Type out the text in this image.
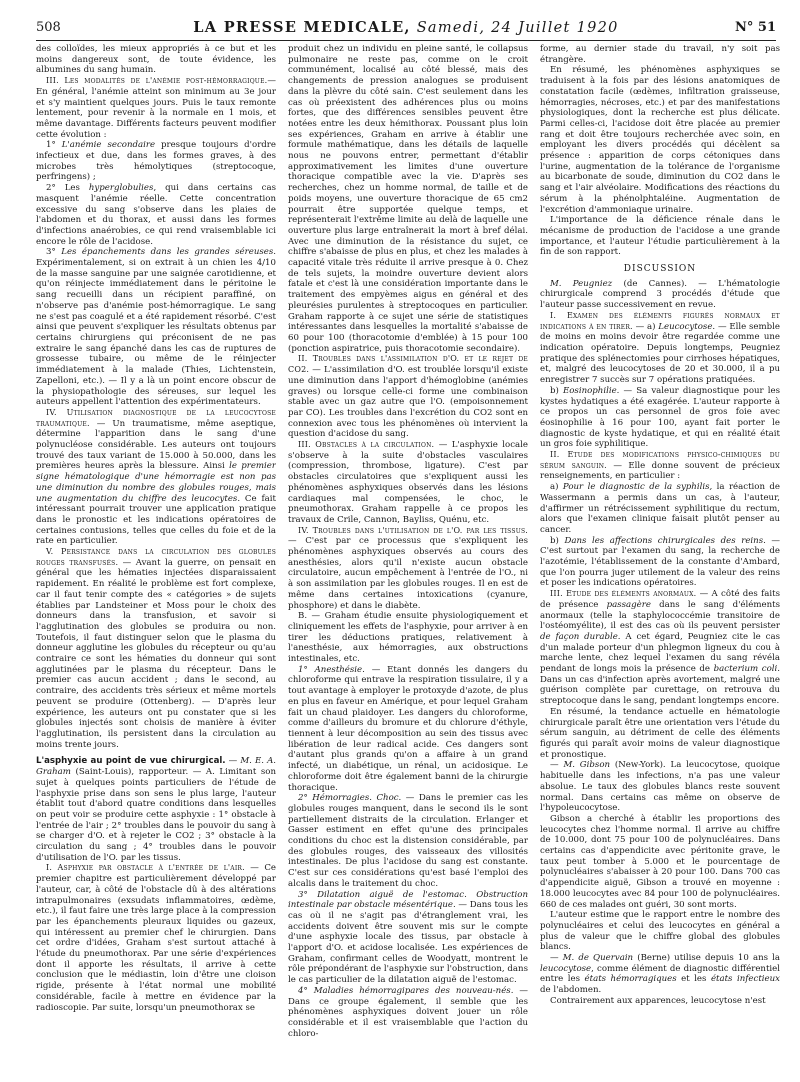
508	LA PRESSE MEDICALE, Samedi, 24 Juillet 1920	N° 51

des colloïdes, les mieux appropriés à ce but et les moins dangereux sont, de toute évidence, les albumines du sang humain.

III. Les modalités de l'anémie post-hémorragique.— En général, l'anémie atteint son minimum au 3e jour et s'y maintient quelques jours. Puis le taux remonte lentement, pour revenir à la normale en 1 mois, et même davantage. Différents facteurs peuvent modifier cette évolution :

1° L'anémie secondaire presque toujours d'ordre infectieux et due, dans les formes graves, à des microbes très hémolytiques (streptocoque, perfringens) ;

2° Les hyperglobulies, qui dans certains cas masquent l'anémie réelle. Cette concentration excessive du sang s'observe dans les plaies de l'abdomen et du thorax, et aussi dans les formes d'infections anaérobies, ce qui rend vraisemblable ici encore le rôle de l'acidose.

3° Les épanchements dans les grandes séreuses. Expérimentalement, si on extrait à un chien les 4/10 de la masse sanguine par une saignée carotidienne, et qu'on réinjecte immédiatement dans le péritoine le sang recueilli dans un récipient paraffiné, on n'observe pas d'anémie post-hémorragique. Le sang ne s'est pas coagulé et a été rapidement résorbé. C'est ainsi que peuvent s'expliquer les résultats obtenus par certains chirurgiens qui préconisent de ne pas extraire le sang épanché dans les cas de ruptures de grossesse tubaire, ou même de le réinjecter immédiatement à la malade (Thies, Lichtenstein, Zapelloni, etc.). — Il y a là un point encore obscur de la physiopathologie des séreuses, sur lequel les auteurs appellent l'attention des expérimentateurs.

IV. Utilisation diagnostique de la leucocytose traumatique. — Un traumatisme, même aseptique, détermine l'apparition dans le sang d'une polynucléose considérable. Les auteurs ont toujours trouvé des taux variant de 15.000 à 50.000, dans les premières heures après la blessure. Ainsi le premier signe hématologique d'une hémorragie est non pas une diminution du nombre des globules rouges, mais une augmentation du chiffre des leucocytes. Ce fait intéressant pourrait trouver une application pratique dans le pronostic et les indications opératoires de certaines contusions, telles que celles du foie et de la rate en particulier.

V. Persistance dans la circulation des globules rouges transfusés. — Avant la guerre, on pensait en général que les hématies injectées disparaissaient rapidement. En réalité le problème est fort complexe, car il faut tenir compte des « catégories » de sujets établies par Landsteiner et Moss pour le choix des donneurs dans la transfusion, et savoir si l'agglutination des globules se produira ou non. Toutefois, il faut distinguer selon que le plasma du donneur agglutine les globules du récepteur ou qu'au contraire ce sont les hématies du donneur qui sont agglutinées par le plasma du récepteur. Dans le premier cas aucun accident ; dans le second, au contraire, des accidents très sérieux et même mortels peuvent se produire (Ottenberg). — D'après leur expérience, les auteurs ont pu constater que si les globules injectés sont choisis de manière à éviter l'agglutination, ils persistent dans la circulation au moins trente jours.

L'asphyxie au point de vue chirurgical. — M. E. A. Graham (Saint-Louis), rapporteur. — A. Limitant son sujet à quelques points particuliers de l'étude de l'asphyxie prise dans son sens le plus large, l'auteur établit tout d'abord quatre conditions dans lesquelles on peut voir se produire cette asphyxie : 1° obstacle à l'entrée de l'air ; 2° troubles dans le pouvoir du sang à se charger d'O. et à rejeter le CO2 ; 3° obstacle à la circulation du sang ; 4° troubles dans le pouvoir d'utilisation de l'O. par les tissus.

I. Asphyxie par obstacle à l'entrée de l'air. — Ce premier chapitre est particulièrement développé par l'auteur, car, à côté de l'obstacle dû à des altérations intrapulmonaires (exsudats inflammatoires, œdème, etc.), il faut faire une très large place à la compression par les épanchements pleuraux liquides ou gazeux, qui intéressent au premier chef le chirurgien. Dans cet ordre d'idées, Graham s'est surtout attaché à l'étude du pneumothorax. Par une série d'expériences dont il apporte les résultats, il arrive à cette conclusion que le médiastin, loin d'être une cloison rigide, présente à l'état normal une mobilité considérable, facile à mettre en évidence par la radioscopie. Par suite, lorsqu'un pneumothorax se

produit chez un individu en pleine santé, le collapsus pulmonaire ne reste pas, comme on le croit communément, localisé au côté blessé, mais des changements de pression analogues se produisent dans la plèvre du côté sain. C'est seulement dans les cas où préexistent des adhérences plus ou moins fortes, que des différences sensibles peuvent être notées entre les deux hémithorax. Poussant plus loin ses expériences, Graham en arrive à établir une formule mathématique, dans les détails de laquelle nous ne pouvons entrer, permettant d'établir approximativement les limites d'une ouverture thoracique compatible avec la vie. D'après ses recherches, chez un homme normal, de taille et de poids moyens, une ouverture thoracique de 65 cm2 pourrait être supportée quelque temps, et représenterait l'extrême limite au delà de laquelle une ouverture plus large entraînerait la mort à bref délai. Avec une diminution de la résistance du sujet, ce chiffre s'abaisse de plus en plus, et chez les malades à capacité vitale très réduite il arrive presque à 0. Chez de tels sujets, la moindre ouverture devient alors fatale et c'est là une considération importante dans le traitement des empyèmes aigus en général et des pleurésies purulentes à streptocoques en particulier. Graham rapporte à ce sujet une série de statistiques intéressantes dans lesquelles la mortalité s'abaisse de 60 pour 100 (thoracotomie d'emblée) à 15 pour 100 (ponction aspiratrice, puis thoracotomie secondaire).

II. Troubles dans l'assimilation d'O. et le rejet de CO2. — L'assimilation d'O. est troublée lorsqu'il existe une diminution dans l'apport d'hémoglobine (anémies graves) ou lorsque celle-ci forme une combinaison stable avec un gaz autre que l'O. (empoisonnement par CO). Les troubles dans l'excrétion du CO2 sont en connexion avec tous les phénomènes où intervient la question d'acidose du sang.

III. Obstacles à la circulation. — L'asphyxie locale s'observe à la suite d'obstacles vasculaires (compression, thrombose, ligature). C'est par obstacles circulatoires que s'expliquent aussi les phénomènes asphyxiques observés dans les lésions cardiaques mal compensées, le choc, le pneumothorax. Graham rappelle à ce propos les travaux de Crile, Cannon, Bayliss, Quénu, etc.

IV. Troubles dans l'utilisation de l'O. par les tissus. — C'est par ce processus que s'expliquent les phénomènes asphyxiques observés au cours des anesthésies, alors qu'il n'existe aucun obstacle circulatoire, aucun empêchement à l'entrée de l'O., ni à son assimilation par les globules rouges. Il en est de même dans certaines intoxications (cyanure, phosphore) et dans le diabète.

B. — Graham étudie ensuite physiologiquement et cliniquement les effets de l'asphyxie, pour arriver à en tirer les déductions pratiques, relativement à l'anesthésie, aux hémorragies, aux obstructions intestinales, etc.

1° Anesthésie. — Etant donnés les dangers du chloroforme qui entrave la respiration tissulaire, il y a tout avantage à employer le protoxyde d'azote, de plus en plus en faveur en Amérique, et pour lequel Graham fait un chaud plaidoyer. Les dangers du chloroforme, comme d'ailleurs du bromure et du chlorure d'éthyle, tiennent à leur décomposition au sein des tissus avec libération de leur radical acide. Ces dangers sont d'autant plus grands qu'on a affaire à un grand infecté, un diabétique, un rénal, un acidosique. Le chloroforme doit être également banni de la chirurgie thoracique.

2° Hémorragies. Choc. — Dans le premier cas les globules rouges manquent, dans le second ils le sont partiellement distraits de la circulation. Erlanger et Gasser estiment en effet qu'une des principales conditions du choc est la distension considérable, par des globules rouges, des vaisseaux des villosités intestinales. De plus l'acidose du sang est constante. C'est sur ces considérations qu'est basé l'emploi des alcalis dans le traitement du choc.

3° Dilatation aiguë de l'estomac. Obstruction intestinale par obstacle mésentérique. — Dans tous les cas où il ne s'agit pas d'étranglement vrai, les accidents doivent être souvent mis sur le compte d'une asphyxie locale des tissus, par obstacle à l'apport d'O. et acidose localisée. Les expériences de Graham, confirmant celles de Woodyatt, montrent le rôle prépondérant de l'asphyxie sur l'obstruction, dans le cas particulier de la dilatation aiguë de l'estomac.

4° Maladies hémorragipares des nouveau-nés. — Dans ce groupe également, il semble que les phénomènes asphyxiques doivent jouer un rôle considérable et il est vraisemblable que l'action du chloro-

forme, au dernier stade du travail, n'y soit pas étrangère.

En résumé, les phénomènes asphyxiques se traduisent à la fois par des lésions anatomiques de constatation facile (œdèmes, infiltration graisseuse, hémorragies, nécroses, etc.) et par des manifestations physiologiques, dont la recherche est plus délicate. Parmi celles-ci, l'acidose doit être placée au premier rang et doit être toujours recherchée avec soin, en employant les divers procédés qui décèlent sa présence : apparition de corps cétoniques dans l'urine, augmentation de la tolérance de l'organisme au bicarbonate de soude, diminution du CO2 dans le sang et l'air alvéolaire. Modifications des réactions du sérum à la phénolphtaléine. Augmentation de l'excrétion d'ammoniaque urinaire.

L'importance de la déficience rénale dans le mécanisme de production de l'acidose a une grande importance, et l'auteur l'étudie particulièrement à la fin de son rapport.

DISCUSSION

M. Peugniez (de Cannes). — L'hématologie chirurgicale comprend 3 procédés d'étude que l'auteur passe successivement en revue.

I. Examen des éléments figurés normaux et indications à en tirer. — a) Leucocytose. — Elle semble de moins en moins devoir être regardée comme une indication opératoire. Depuis longtemps, Peugniez pratique des splénectomies pour cirrhoses hépatiques, et, malgré des leucocytoses de 20 et 30.000, il a pu enregistrer 7 succès sur 7 opérations pratiquées.

b) Eosinophilie. — Sa valeur diagnostique pour les kystes hydatiques a été exagérée. L'auteur rapporte à ce propos un cas personnel de gros foie avec éosinophilie à 16 pour 100, ayant fait porter le diagnostic de kyste hydatique, et qui en réalité était un gros foie syphilitique.

II. Etude des modifications physico-chimiques du sérum sanguin. — Elle donne souvent de précieux renseignements, en particulier :

a) Pour le diagnostic de la syphilis, la réaction de Wassermann a permis dans un cas, à l'auteur, d'affirmer un rétrécissement syphilitique du rectum, alors que l'examen clinique faisait plutôt penser au cancer.

b) Dans les affections chirurgicales des reins. — C'est surtout par l'examen du sang, la recherche de l'azotémie, l'établissement de la constante d'Ambard, que l'on pourra juger utilement de la valeur des reins et poser les indications opératoires.

III. Etude des éléments anormaux. — A côté des faits de présence passagère dans le sang d'éléments anormaux (telle la staphylococcémie transitoire de l'ostéomyélite), il est des cas où ils peuvent persister de façon durable. A cet égard, Peugniez cite le cas d'un malade porteur d'un phlegmon ligneux du cou à marche lente, chez lequel l'examen du sang révéla pendant de longs mois la présence de bacterium coli. Dans un cas d'infection après avortement, malgré une guérison complète par curettage, on retrouva du streptocoque dans le sang, pendant longtemps encore.

En résumé, la tendance actuelle en hématologie chirurgicale paraît être une orientation vers l'étude du sérum sanguin, au détriment de celle des éléments figurés qui paraît avoir moins de valeur diagnostique et pronostique.

— M. Gibson (New-York). La leucocytose, quoique habituelle dans les infections, n'a pas une valeur absolue. Le taux des globules blancs reste souvent normal. Dans certains cas même on observe de l'hypoleucocytose.

Gibson a cherché à établir les proportions des leucocytes chez l'homme normal. Il arrive au chiffre de 10.000, dont 75 pour 100 de polynucléaires. Dans certains cas d'appendicite avec péritonite grave, le taux peut tomber à 5.000 et le pourcentage de polynucléaires s'abaisser à 20 pour 100. Dans 700 cas d'appendicite aiguë, Gibson a trouvé en moyenne : 18.000 leucocytes avec 84 pour 100 de polynucléaires. 660 de ces malades ont guéri, 30 sont morts.

L'auteur estime que le rapport entre le nombre des polynucléaires et celui des leucocytes en général a plus de valeur que le chiffre global des globules blancs.

— M. de Quervain (Berne) utilise depuis 10 ans la leucocytose, comme élément de diagnostic différentiel entre les états hémorragiques et les états infectieux de l'abdomen.

Contrairement aux apparences, leucocytose n'est
